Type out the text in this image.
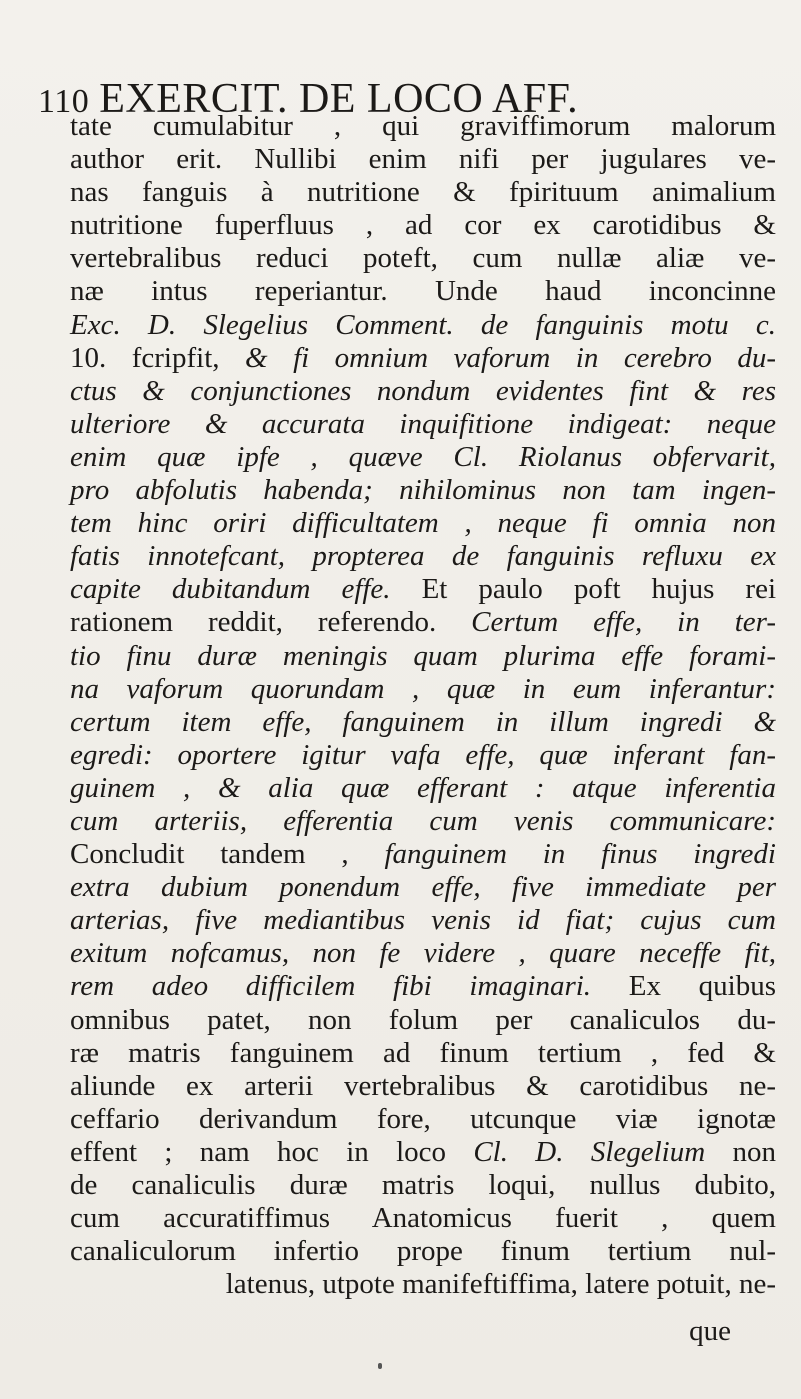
110 EXERCIT. DE LOCO AFF.
tate cumulabitur , qui graviffimorum malorum
author erit. Nullibi enim nifi per jugulares ve-
nas fanguis à nutritione & fpirituum animalium
nutritione fuperfluus , ad cor ex carotidibus &
vertebralibus reduci poteft, cum nullæ aliæ ve-
næ intus reperiantur. Unde haud inconcinne
Exc. D. Slegelius Comment. de fanguinis motu c.
10. fcripfit, & fi omnium vaforum in cerebro du-
ctus & conjunctiones nondum evidentes fint & res
ulteriore & accurata inquifitione indigeat: neque
enim quæ ipfe , quæve Cl. Riolanus obfervarit,
pro abfolutis habenda; nihilominus non tam ingen-
tem hinc oriri difficultatem , neque fi omnia non
fatis innotefcant, propterea de fanguinis refluxu ex
capite dubitandum effe. Et paulo poft hujus rei
rationem reddit, referendo. Certum effe, in ter-
tio finu duræ meningis quam plurima effe forami-
na vaforum quorundam , quæ in eum inferantur:
certum item effe, fanguinem in illum ingredi &
egredi: oportere igitur vafa effe, quæ inferant fan-
guinem , & alia quæ efferant : atque inferentia
cum arteriis, efferentia cum venis communicare:
Concludit tandem , fanguinem in finus ingredi
extra dubium ponendum effe, five immediate per
arterias, five mediantibus venis id fiat; cujus cum
exitum nofcamus, non fe videre , quare neceffe fit,
rem adeo difficilem fibi imaginari. Ex quibus
omnibus patet, non folum per canaliculos du-
ræ matris fanguinem ad finum tertium , fed &
aliunde ex arterii vertebralibus & carotidibus ne-
ceffario derivandum fore, utcunque viæ ignotæ
effent ; nam hoc in loco Cl. D. Slegelium non
de canaliculis duræ matris loqui, nullus dubito,
cum accuratiffimus Anatomicus fuerit , quem
canaliculorum infertio prope finum tertium nul-
latenus, utpote manifeftiffima, latere potuit, ne-
que
